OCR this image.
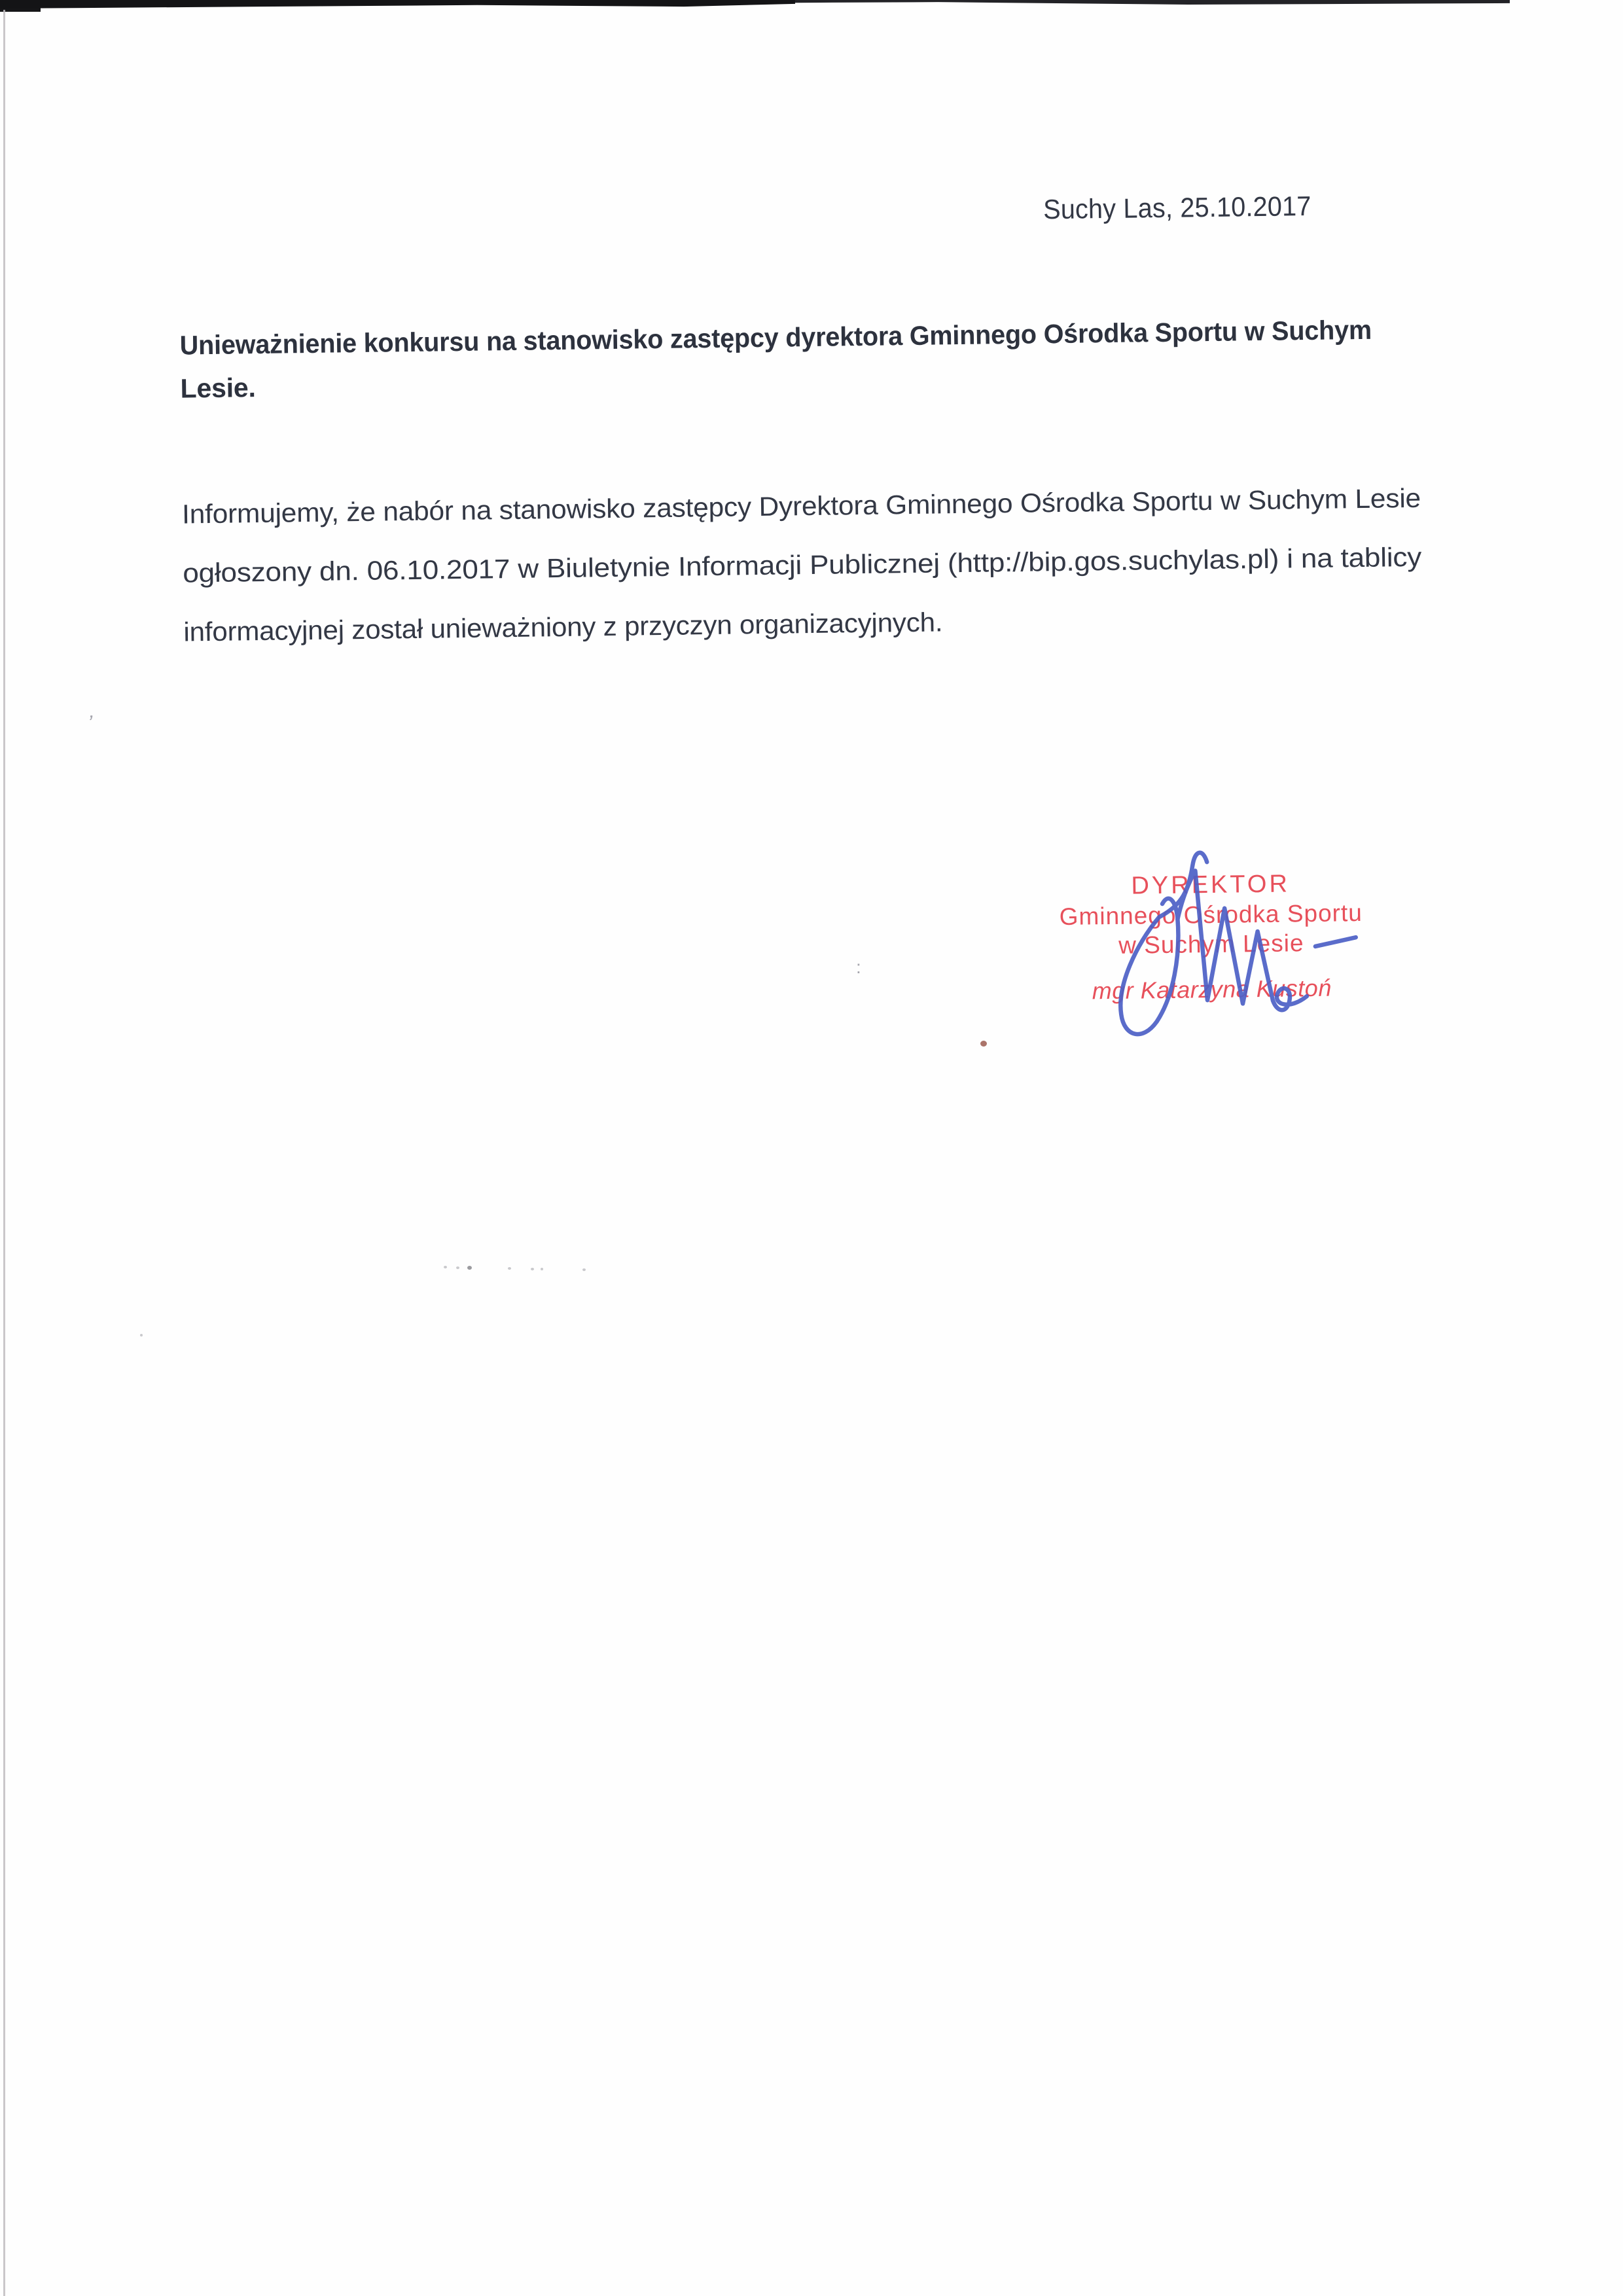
’
:
Suchy Las, 25.10.2017
Unieważnienie konkursu na stanowisko zastępcy dyrektora Gminnego Ośrodka Sportu w Suchym
Lesie.
Informujemy, że nabór na stanowisko zastępcy Dyrektora Gminnego Ośrodka Sportu w Suchym Lesie
ogłoszony dn. 06.10.2017 w Biuletynie Informacji Publicznej (http://bip.gos.suchylas.pl) i na tablicy
informacyjnej został unieważniony z przyczyn organizacyjnych.
DYREKTOR
Gminnego Ośrodka Sportu
w Suchym Lesie
mgr Katarzyna Kustoń
